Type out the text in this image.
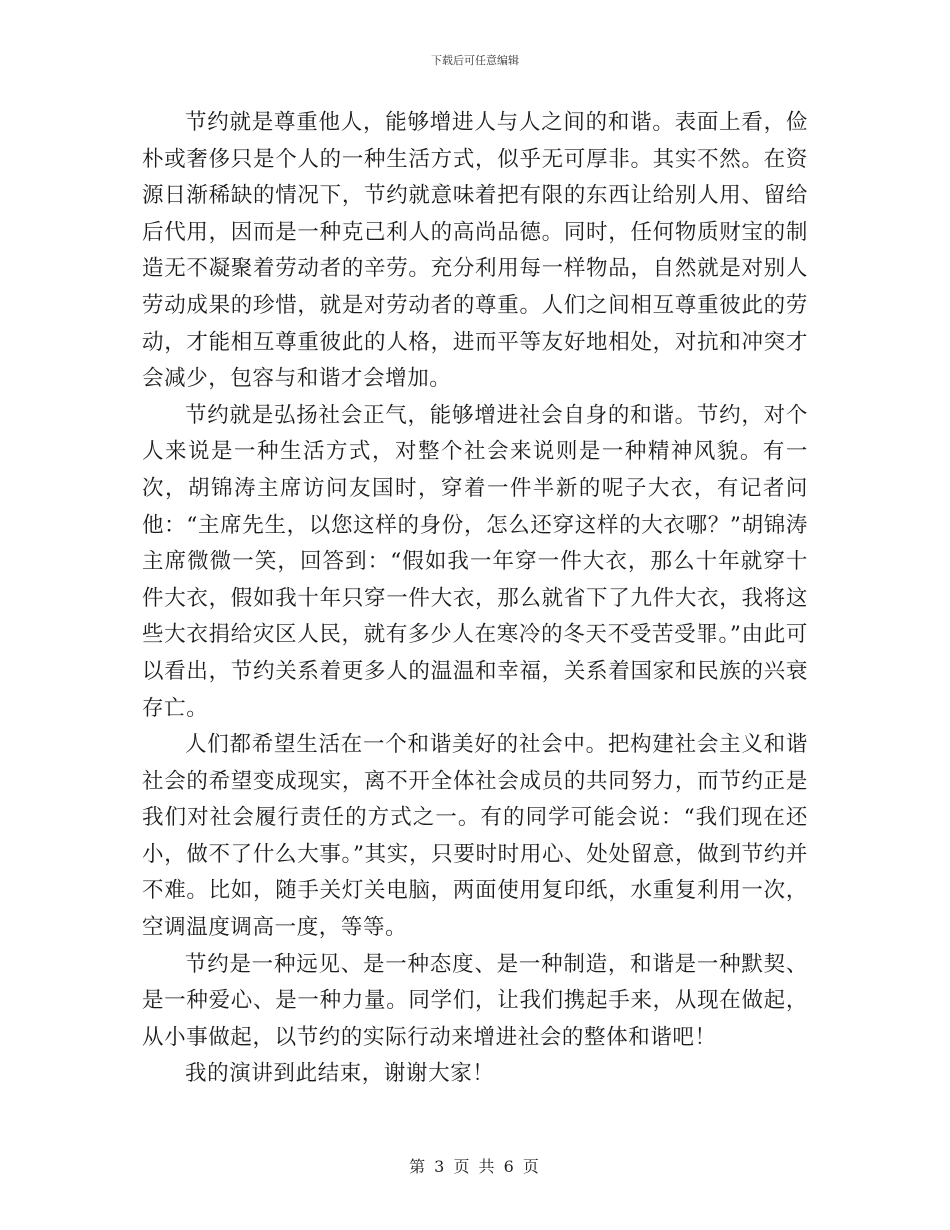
下载后可任意编辑

节约就是尊重他人，能够增进人与人之间的和谐。表面上看，俭朴或奢侈只是个人的一种生活方式，似乎无可厚非。其实不然。在资源日渐稀缺的情况下，节约就意味着把有限的东西让给别人用、留给后代用，因而是一种克己利人的高尚品德。同时，任何物质财宝的制造无不凝聚着劳动者的辛劳。充分利用每一样物品，自然就是对别人劳动成果的珍惜，就是对劳动者的尊重。人们之间相互尊重彼此的劳动，才能相互尊重彼此的人格，进而平等友好地相处，对抗和冲突才会减少，包容与和谐才会增加。

节约就是弘扬社会正气，能够增进社会自身的和谐。节约，对个人来说是一种生活方式，对整个社会来说则是一种精神风貌。有一次，胡锦涛主席访问友国时，穿着一件半新的呢子大衣，有记者问他：“主席先生，以您这样的身份，怎么还穿这样的大衣哪？”胡锦涛主席微微一笑，回答到：“假如我一年穿一件大衣，那么十年就穿十件大衣，假如我十年只穿一件大衣，那么就省下了九件大衣，我将这些大衣捐给灾区人民，就有多少人在寒冷的冬天不受苦受罪。”由此可以看出，节约关系着更多人的温温和幸福，关系着国家和民族的兴衰存亡。

人们都希望生活在一个和谐美好的社会中。把构建社会主义和谐社会的希望变成现实，离不开全体社会成员的共同努力，而节约正是我们对社会履行责任的方式之一。有的同学可能会说：“我们现在还小，做不了什么大事。”其实，只要时时用心、处处留意，做到节约并不难。比如，随手关灯关电脑，两面使用复印纸，水重复利用一次，空调温度调高一度，等等。

节约是一种远见、是一种态度、是一种制造，和谐是一种默契、是一种爱心、是一种力量。同学们，让我们携起手来，从现在做起，从小事做起，以节约的实际行动来增进社会的整体和谐吧！

我的演讲到此结束，谢谢大家！

第 3 页 共 6 页
